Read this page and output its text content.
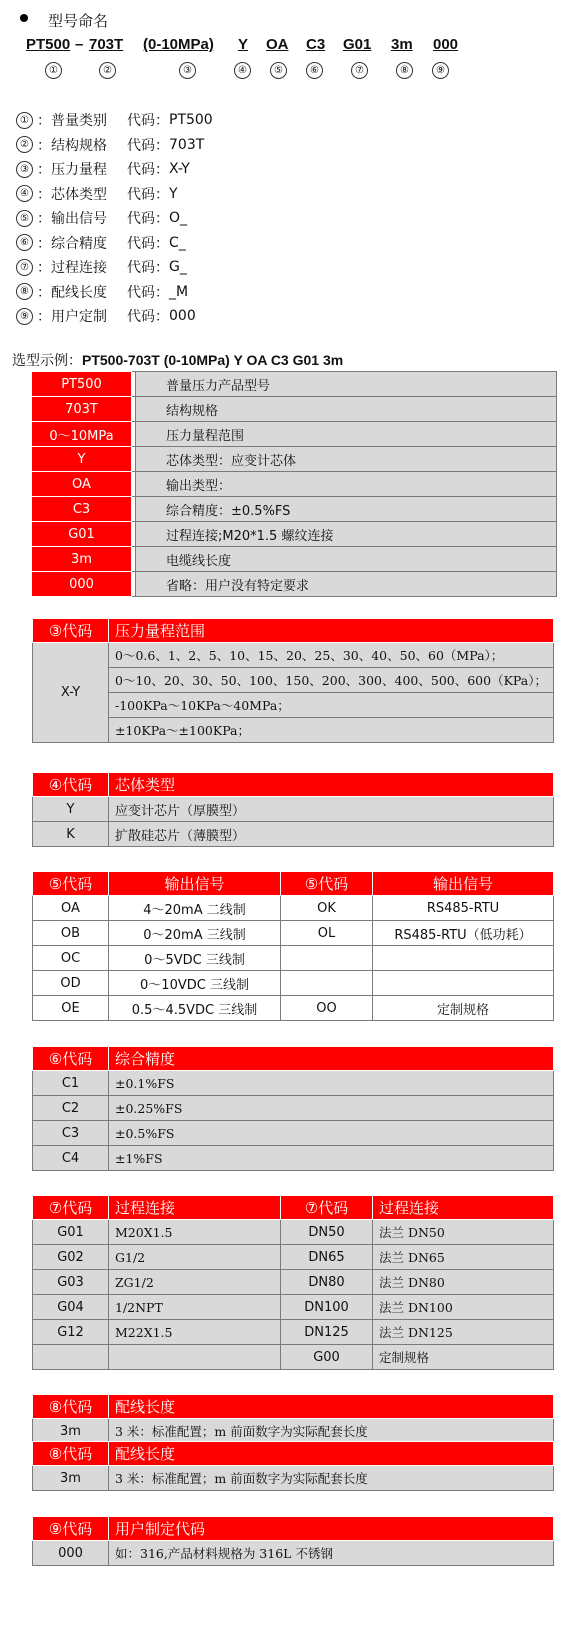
型号命名
PT500 – 703T (0-10MPa) Y OA C3 G01 3m 000
①	②	③	④	⑤	⑥	⑦	⑧	⑨
① ： 普量类别	代码： PT500
② ： 结构规格	代码： 703T
③ ： 压力量程	代码： X-Y
④ ： 芯体类型	代码： Y
⑤ ： 输出信号	代码： O_
⑥ ： 综合精度	代码： C_
⑦ ： 过程连接	代码： G_
⑧ ： 配线长度	代码： _M
⑨ ： 用户定制	代码： 000
选型示例：PT500-703T (0-10MPa) Y OA C3 G01 3m
PT500		普量压力产品型号
703T		结构规格
0～10MPa		压力量程范围
Y		芯体类型：应变计芯体
OA		输出类型：
C3		综合精度：±0.5%FS
G01		过程连接;M20*1.5 螺纹连接
3m		电缆线长度
000		省略：用户没有特定要求
③代码	压力量程范围
X-Y	0～0.6、1、2、5、10、15、20、25、30、40、50、60（MPa）；
	0～10、20、30、50、100、150、200、300、400、500、600（KPa）；
	-100KPa～10KPa～40MPa；
	±10KPa～±100KPa；
④代码	芯体类型
Y	应变计芯片（厚膜型）
K	扩散硅芯片（薄膜型）
⑤代码	输出信号	⑤代码	输出信号
OA	4～20mA 二线制	OK	RS485-RTU
OB	0～20mA 三线制	OL	RS485-RTU（低功耗）
OC	0～5VDC 三线制		
OD	0～10VDC 三线制		
OE	0.5～4.5VDC 三线制	OO	定制规格
⑥代码	综合精度
C1	±0.1%FS
C2	±0.25%FS
C3	±0.5%FS
C4	±1%FS
⑦代码	过程连接	⑦代码	过程连接
G01	M20X1.5	DN50	法兰 DN50
G02	G1/2	DN65	法兰 DN65
G03	ZG1/2	DN80	法兰 DN80
G04	1/2NPT	DN100	法兰 DN100
G12	M22X1.5	DN125	法兰 DN125
		G00	定制规格
⑧代码	配线长度
3m	3 米：标准配置；m 前面数字为实际配套长度
⑧代码	配线长度
3m	3 米：标准配置；m 前面数字为实际配套长度
⑨代码	用户制定代码
000	如：316,产品材料规格为 316L 不锈钢
